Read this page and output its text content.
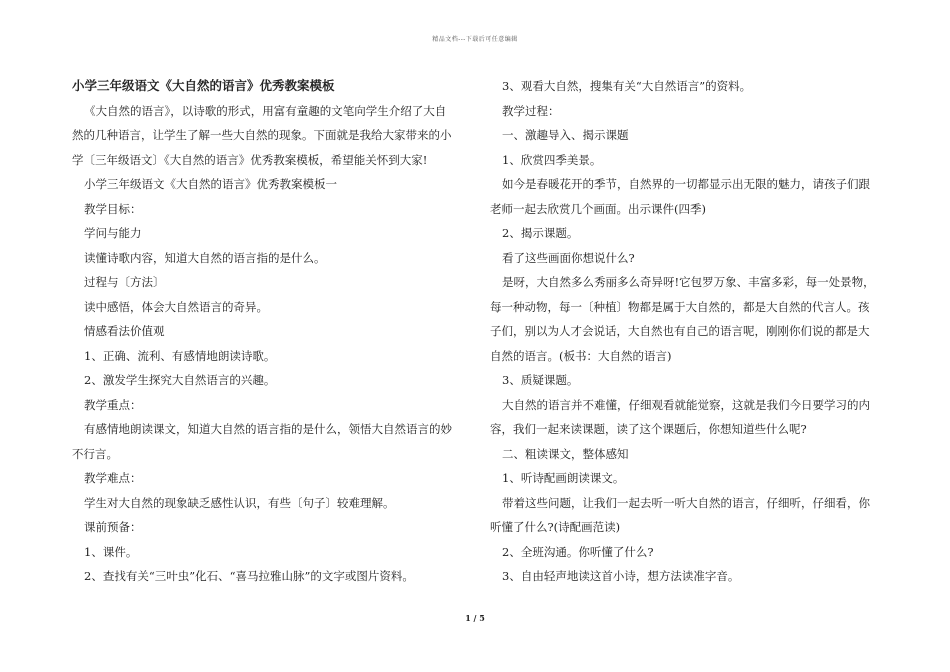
精品文档---下载后可任意编辑
小学三年级语文《大自然的语言》优秀教案模板

《大自然的语言》，以诗歌的形式，用富有童趣的文笔向学生介绍了大自然的几种语言，让学生了解一些大自然的现象。下面就是我给大家带来的小学〔三年级语文〕《大自然的语言》优秀教案模板，希望能关怀到大家!

小学三年级语文《大自然的语言》优秀教案模板一

教学目标：

学问与能力

读懂诗歌内容，知道大自然的语言指的是什么。

过程与〔方法〕

读中感悟，体会大自然语言的奇异。

情感看法价值观

1、正确、流利、有感情地朗读诗歌。

2、激发学生探究大自然语言的兴趣。

教学重点：

有感情地朗读课文，知道大自然的语言指的是什么，领悟大自然语言的妙不行言。

教学难点：

学生对大自然的现象缺乏感性认识，有些〔句子〕较难理解。

课前预备：

1、课件。

2、查找有关“三叶虫”化石、“喜马拉雅山脉”的文字或图片资料。

3、观看大自然，搜集有关“大自然语言”的资料。

教学过程：

一、激趣导入、揭示课题

1、欣赏四季美景。

如今是春暖花开的季节，自然界的一切都显示出无限的魅力，请孩子们跟老师一起去欣赏几个画面。出示课件(四季)

2、揭示课题。

看了这些画面你想说什么?

是呀，大自然多么秀丽多么奇异呀!它包罗万象、丰富多彩，每一处景物，每一种动物，每一〔种植〕物都是属于大自然的，都是大自然的代言人。孩子们，别以为人才会说话，大自然也有自己的语言呢，刚刚你们说的都是大自然的语言。(板书：大自然的语言)

3、质疑课题。

大自然的语言并不难懂，仔细观看就能觉察，这就是我们今日要学习的内容，我们一起来读课题，读了这个课题后，你想知道些什么呢?

二、粗读课文，整体感知

1、听诗配画朗读课文。

带着这些问题，让我们一起去听一听大自然的语言，仔细听，仔细看，你听懂了什么?(诗配画范读)

2、全班沟通。你听懂了什么?

3、自由轻声地读这首小诗，想方法读准字音。

1 / 5
